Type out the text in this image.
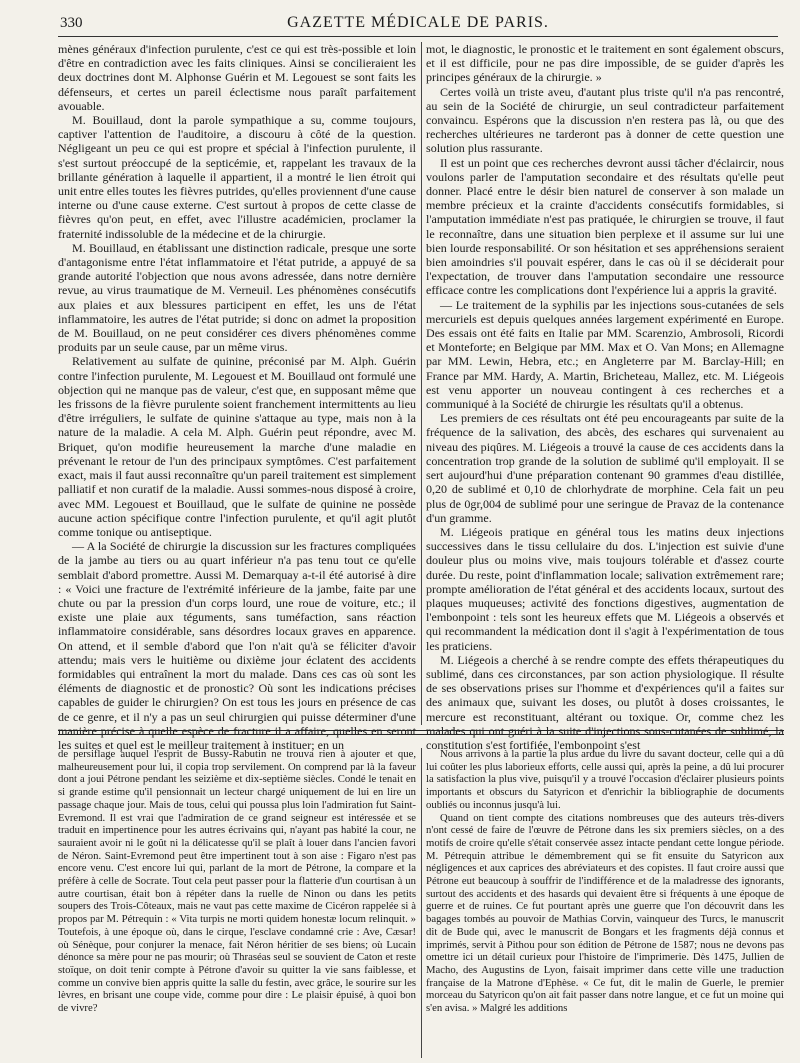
330	GAZETTE MÉDICALE DE PARIS.

mènes généraux d'infection purulente, c'est ce qui est très-possible et loin d'être en contradiction avec les faits cliniques. Ainsi se concilieraient les deux doctrines dont M. Alphonse Guérin et M. Legouest se sont faits les défenseurs, et certes un pareil éclectisme nous paraît parfaitement avouable.

M. Bouillaud, dont la parole sympathique a su, comme toujours, captiver l'attention de l'auditoire, a discouru à côté de la question. Négligeant un peu ce qui est propre et spécial à l'infection purulente, il s'est surtout préoccupé de la septicémie, et, rappelant les travaux de la brillante génération à laquelle il appartient, il a montré le lien étroit qui unit entre elles toutes les fièvres putrides, qu'elles proviennent d'une cause interne ou d'une cause externe. C'est surtout à propos de cette classe de fièvres qu'on peut, en effet, avec l'illustre académicien, proclamer la fraternité indissoluble de la médecine et de la chirurgie.

M. Bouillaud, en établissant une distinction radicale, presque une sorte d'antagonisme entre l'état inflammatoire et l'état putride, a appuyé de sa grande autorité l'objection que nous avons adressée, dans notre dernière revue, au virus traumatique de M. Verneuil. Les phénomènes consécutifs aux plaies et aux blessures participent en effet, les uns de l'état inflammatoire, les autres de l'état putride; si donc on admet la proposition de M. Bouillaud, on ne peut considérer ces divers phénomènes comme produits par un seule cause, par un même virus.

Relativement au sulfate de quinine, préconisé par M. Alph. Guérin contre l'infection purulente, M. Legouest et M. Bouillaud ont formulé une objection qui ne manque pas de valeur, c'est que, en supposant même que les frissons de la fièvre purulente soient franchement intermittents au lieu d'être irréguliers, le sulfate de quinine s'attaque au type, mais non à la nature de la maladie. A cela M. Alph. Guérin peut répondre, avec M. Briquet, qu'on modifie heureusement la marche d'une maladie en prévenant le retour de l'un des principaux symptômes. C'est parfaitement exact, mais il faut aussi reconnaître qu'un pareil traitement est simplement palliatif et non curatif de la maladie. Aussi sommes-nous disposé à croire, avec MM. Legouest et Bouillaud, que le sulfate de quinine ne possède aucune action spécifique contre l'infection purulente, et qu'il agit plutôt comme tonique ou antiseptique.

— A la Société de chirurgie la discussion sur les fractures compliquées de la jambe au tiers ou au quart inférieur n'a pas tenu tout ce qu'elle semblait d'abord promettre. Aussi M. Demarquay a-t-il été autorisé à dire : « Voici une fracture de l'extrémité inférieure de la jambe, faite par une chute ou par la pression d'un corps lourd, une roue de voiture, etc.; il existe une plaie aux téguments, sans tuméfaction, sans réaction inflammatoire considérable, sans désordres locaux graves en apparence. On attend, et il semble d'abord que l'on n'ait qu'à se féliciter d'avoir attendu; mais vers le huitième ou dixième jour éclatent des accidents formidables qui entraînent la mort du malade. Dans ces cas où sont les éléments de diagnostic et de pronostic? Où sont les indications précises capables de guider le chirurgien? On est tous les jours en présence de cas de ce genre, et il n'y a pas un seul chirurgien qui puisse déterminer d'une manière précise à quelle espèce de fracture il a affaire, quelles en seront les suites et quel est le meilleur traitement à instituer; en un

mot, le diagnostic, le pronostic et le traitement en sont également obscurs, et il est difficile, pour ne pas dire impossible, de se guider d'après les principes généraux de la chirurgie. »

Certes voilà un triste aveu, d'autant plus triste qu'il n'a pas rencontré, au sein de la Société de chirurgie, un seul contradicteur parfaitement convaincu. Espérons que la discussion n'en restera pas là, ou que des recherches ultérieures ne tarderont pas à donner de cette question une solution plus rassurante.

Il est un point que ces recherches devront aussi tâcher d'éclaircir, nous voulons parler de l'amputation secondaire et des résultats qu'elle peut donner. Placé entre le désir bien naturel de conserver à son malade un membre précieux et la crainte d'accidents consécutifs formidables, si l'amputation immédiate n'est pas pratiquée, le chirurgien se trouve, il faut le reconnaître, dans une situation bien perplexe et il assume sur lui une bien lourde responsabilité. Or son hésitation et ses appréhensions seraient bien amoindries s'il pouvait espérer, dans le cas où il se déciderait pour l'expectation, de trouver dans l'amputation secondaire une ressource efficace contre les complications dont l'expérience lui a appris la gravité.

— Le traitement de la syphilis par les injections sous-cutanées de sels mercuriels est depuis quelques années largement expérimenté en Europe. Des essais ont été faits en Italie par MM. Scarenzio, Ambrosoli, Ricordi et Monteforte; en Belgique par MM. Max et O. Van Mons; en Allemagne par MM. Lewin, Hebra, etc.; en Angleterre par M. Barclay-Hill; en France par MM. Hardy, A. Martin, Bricheteau, Mallez, etc. M. Liégeois est venu apporter un nouveau contingent à ces recherches et a communiqué à la Société de chirurgie les résultats qu'il a obtenus.

Les premiers de ces résultats ont été peu encourageants par suite de la fréquence de la salivation, des abcès, des eschares qui survenaient au niveau des piqûres. M. Liégeois a trouvé la cause de ces accidents dans la concentration trop grande de la solution de sublimé qu'il employait. Il se sert aujourd'hui d'une préparation contenant 90 grammes d'eau distillée, 0,20 de sublimé et 0,10 de chlorhydrate de morphine. Cela fait un peu plus de 0gr,004 de sublimé pour une seringue de Pravaz de la contenance d'un gramme.

M. Liégeois pratique en général tous les matins deux injections successives dans le tissu cellulaire du dos. L'injection est suivie d'une douleur plus ou moins vive, mais toujours tolérable et d'assez courte durée. Du reste, point d'inflammation locale; salivation extrêmement rare; prompte amélioration de l'état général et des accidents locaux, surtout des plaques muqueuses; activité des fonctions digestives, augmentation de l'embonpoint : tels sont les heureux effets que M. Liégeois a observés et qui recommandent la médication dont il s'agit à l'expérimentation de tous les praticiens.

M. Liégeois a cherché à se rendre compte des effets thérapeutiques du sublimé, dans ces circonstances, par son action physiologique. Il résulte de ses observations prises sur l'homme et d'expériences qu'il a faites sur des animaux que, suivant les doses, ou plutôt à doses croissantes, le mercure est reconstituant, altérant ou toxique. Or, comme chez les malades qui ont guéri à la suite d'injections sous-cutanées de sublimé, la constitution s'est fortifiée, l'embonpoint s'est

de persiflage auquel l'esprit de Bussy-Rabutin ne trouva rien à ajouter et que, malheureusement pour lui, il copia trop servilement. On comprend par là la faveur dont a joui Pétrone pendant les seizième et dix-septième siècles. Condé le tenait en si grande estime qu'il pensionnait un lecteur chargé uniquement de lui en lire un passage chaque jour. Mais de tous, celui qui poussa plus loin l'admiration fut Saint-Evremond. Il est vrai que l'admiration de ce grand seigneur est intéressée et se traduit en impertinence pour les autres écrivains qui, n'ayant pas habité la cour, ne sauraient avoir ni le goût ni la délicatesse qu'il se plaît à louer dans l'ancien favori de Néron. Saint-Evremond peut être impertinent tout à son aise : Figaro n'est pas encore venu. C'est encore lui qui, parlant de la mort de Pétrone, la compare et la préfère à celle de Socrate. Tout cela peut passer pour la flatterie d'un courtisan à un autre courtisan, était bon à répéter dans la ruelle de Ninon ou dans les petits soupers des Trois-Côteaux, mais ne vaut pas cette maxime de Cicéron rappelée si à propos par M. Pétrequin : « Vita turpis ne morti quidem honestæ locum relinquit. » Toutefois, à une époque où, dans le cirque, l'esclave condamné crie : Ave, Cæsar! où Sénèque, pour conjurer la menace, fait Néron héritier de ses biens; où Lucain dénonce sa mère pour ne pas mourir; où Thraséas seul se souvient de Caton et reste stoïque, on doit tenir compte à Pétrone d'avoir su quitter la vie sans faiblesse, et comme un convive bien appris quitte la salle du festin, avec grâce, le sourire sur les lèvres, en brisant une coupe vide, comme pour dire : Le plaisir épuisé, à quoi bon de vivre?

Nous arrivons à la partie la plus ardue du livre du savant docteur, celle qui a dû lui coûter les plus laborieux efforts, celle aussi qui, après la peine, a dû lui procurer la satisfaction la plus vive, puisqu'il y a trouvé l'occasion d'éclairer plusieurs points importants et obscurs du Satyricon et d'enrichir la bibliographie de documents oubliés ou inconnus jusqu'à lui.

Quand on tient compte des citations nombreuses que des auteurs très-divers n'ont cessé de faire de l'œuvre de Pétrone dans les six premiers siècles, on a des motifs de croire qu'elle s'était conservée assez intacte pendant cette longue période. M. Pétrequin attribue le démembrement qui se fit ensuite du Satyricon aux négligences et aux caprices des abréviateurs et des copistes. Il faut croire aussi que Pétrone eut beaucoup à souffrir de l'indifférence et de la maladresse des ignorants, surtout des accidents et des hasards qui devaient être si fréquents à une époque de guerre et de ruines. Ce fut pourtant après une guerre que l'on découvrit dans les bagages tombés au pouvoir de Mathias Corvin, vainqueur des Turcs, le manuscrit dit de Bude qui, avec le manuscrit de Bongars et les fragments déjà connus et imprimés, servit à Pithou pour son édition de Pétrone de 1587; nous ne devons pas omettre ici un détail curieux pour l'histoire de l'imprimerie. Dès 1475, Jullien de Macho, des Augustins de Lyon, faisait imprimer dans cette ville une traduction française de la Matrone d'Ephèse. « Ce fut, dit le malin de Guerle, le premier morceau du Satyricon qu'on ait fait passer dans notre langue, et ce fut un moine qui s'en avisa. » Malgré les additions
